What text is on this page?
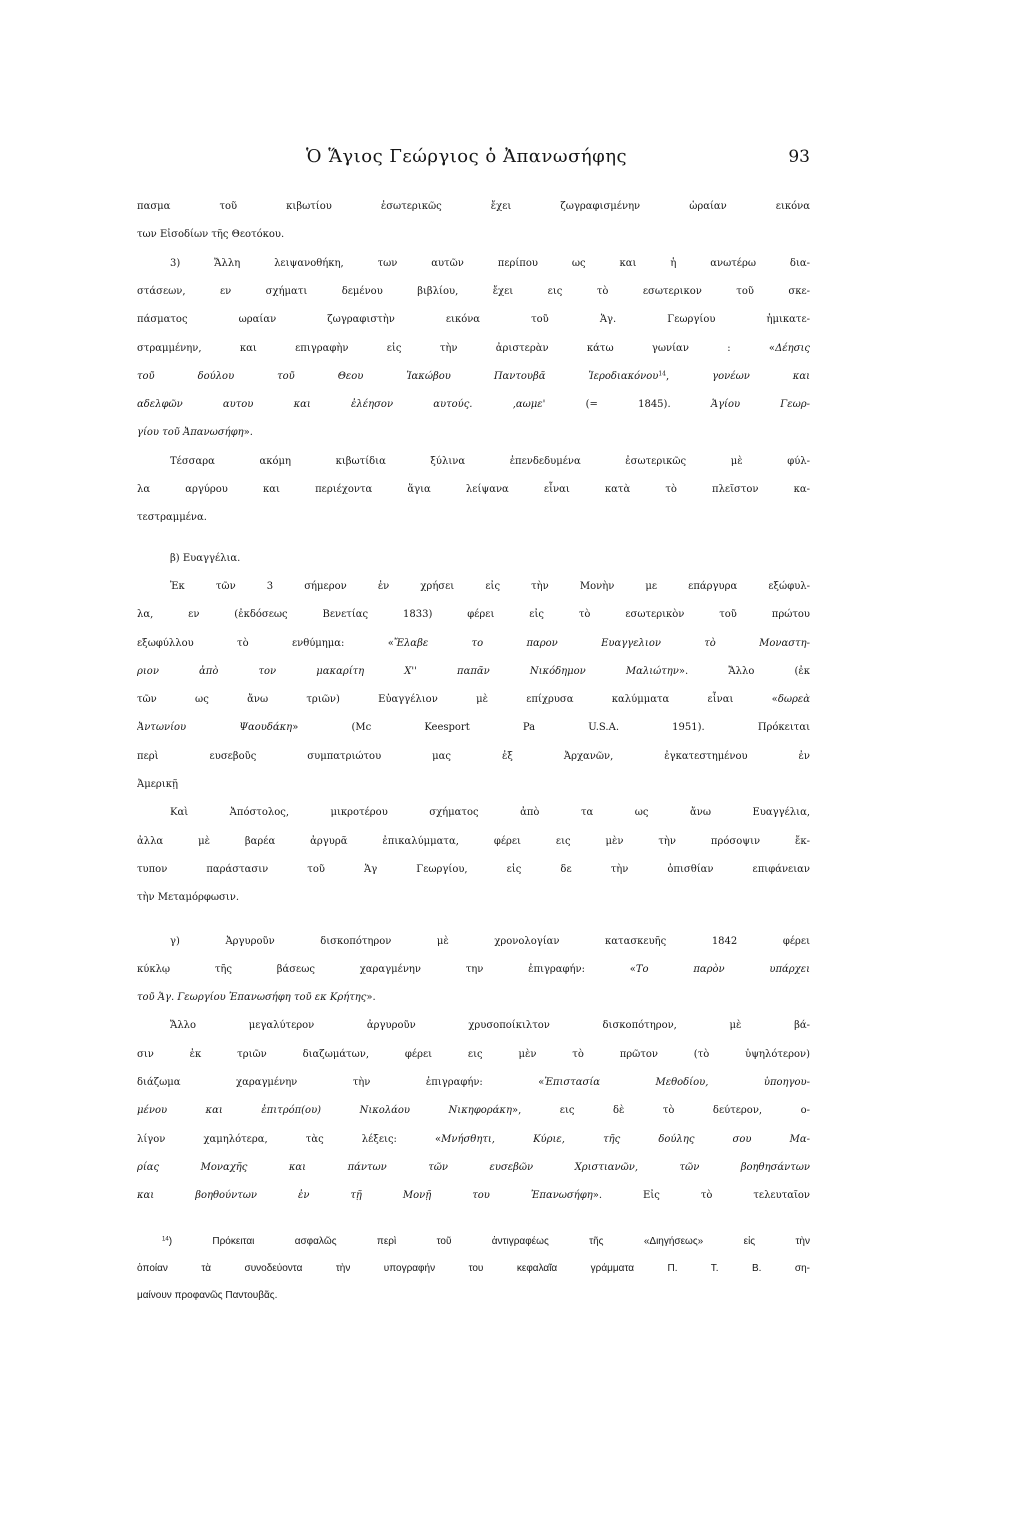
Ὁ Ἅγιος Γεώργιος ὁ Ἀπανωσήφης	93
πασμα τοῦ κιβωτίου ἐσωτερικῶς ἔχει ζωγραφισμένην ὡραίαν εικόνα
των Εἰσοδίων τῆς Θεοτόκου.
3) Ἄλλη λειψανοθήκη, των αυτῶν περίπου ως και ἡ ανωτέρω δια-
στάσεων, εν σχήματι δεμένου βιβλίου, ἔχει εις τὸ εσωτερικον τοῦ σκε-
πάσματος ωραίαν ζωγραφιστὴν εικόνα τοῦ Ἁγ. Γεωργίου ἡμικατε-
στραμμένην, και επιγραφὴν εἰς τὴν ἀριστερὰν κάτω γωνίαν : «Δέησις
τοῦ δούλου τοῦ Θεου Ἰακώβου Παντουβᾶ Ἱεροδιακόνου$^{14}$, γονέων και
αδελφῶν αυτου και ἐλέησον αυτούς. ,αωμε' (= 1845). Ἁγίου Γεωρ-
γίου τοῦ Ἀπανωσήφη».
Τέσσαρα ακόμη κιβωτίδια ξύλινα ἐπενδεδυμένα ἐσωτερικῶς μὲ φύλ-
λα αργύρου και περιέχοντα ἅγια λείψανα εἶναι κατὰ τὸ πλεῖστον κα-
τεστραμμένα.
β) Ευαγγέλια.
Ἐκ τῶν 3 σήμερον ἐν χρήσει εἰς τὴν Μονὴν με επάργυρα εξώφυλ-
λα, εν (ἐκδόσεως Βενετίας 1833) φέρει εἰς τὸ εσωτερικὸν τοῦ πρώτου
εξωφύλλου τὸ ενθύμημα: «Ἔλαβε το παρον Ευαγγελιον τὸ Μοναστη-
ριον ἀπὸ τον μακαρίτη Χ'' παπᾶν Νικόδημον Μαλιώτην». Ἄλλο (ἐκ
τῶν ως ἄνω τριῶν) Εὐαγγέλιον μὲ επίχρυσα καλύμματα εἶναι «δωρεὰ
Ἀντωνίου Ψαουδάκη» (Mc Keesport Pa U.S.A. 1951). Πρόκειται
περὶ ευσεβοῦς συμπατριώτου μας ἐξ Ἀρχανῶν, ἐγκατεστημένου ἐν
Ἀμερικῇ
Καὶ Ἀπόστολος, μικροτέρου σχήματος ἀπὸ τα ως ἄνω Ευαγγέλια,
ἀλλα μὲ βαρέα ἀργυρᾶ ἐπικαλύμματα, φέρει εις μὲν τὴν πρόσοψιν ἔκ-
τυπον παράστασιν τοῦ Ἁγ Γεωργίου, εἰς δε τὴν ὀπισθίαν επιφάνειαν
τὴν Μεταμόρφωσιν.
γ) Ἀργυροῦν δισκοπότηρον μὲ χρονολογίαν κατασκευῆς 1842 φέρει
κύκλῳ τῆς βάσεως χαραγμένην την ἐπιγραφήν: «Το παρὸν υπάρχει
τοῦ Ἁγ. Γεωργίου Ἐπανωσήφη τοῦ εκ Κρήτης».
Ἄλλο μεγαλύτερον ἀργυροῦν χρυσοποίκιλτον δισκοπότηρον, μὲ βά-
σιν ἐκ τριῶν διαζωμάτων, φέρει εις μὲν τὸ πρῶτον (τὸ ὑψηλότερον)
διάζωμα χαραγμένην τὴν ἐπιγραφήν: «Ἐπιστασία Μεθοδίου, ὑποηγου-
μένου και ἐπιτρόπ(ου) Νικολάου Νικηφοράκη», εις δὲ τὸ δεύτερον, ο-
λίγον χαμηλότερα, τὰς λέξεις: «Μνήσθητι, Κύριε, τῆς δούλης σου Μα-
ρίας Μοναχῆς και πάντων τῶν ευσεβῶν Χριστιανῶν, τῶν βοηθησάντων
και βοηθούντων ἐν τῇ Μονῇ του Ἐπανωσήφη». Εἰς τὸ τελευταῖον
$^{14}$) Πρόκειται ασφαλῶς περὶ τοῦ ἀντιγραφέως τῆς «Διηγήσεως» εἰς τὴν
ὁποίαν τὰ συνοδεύοντα τὴν υπογραφήν του κεφαλαῖα γράμματα Π. Τ. Β. ση-
μαίνουν προφανῶς Παντουβᾶς.
